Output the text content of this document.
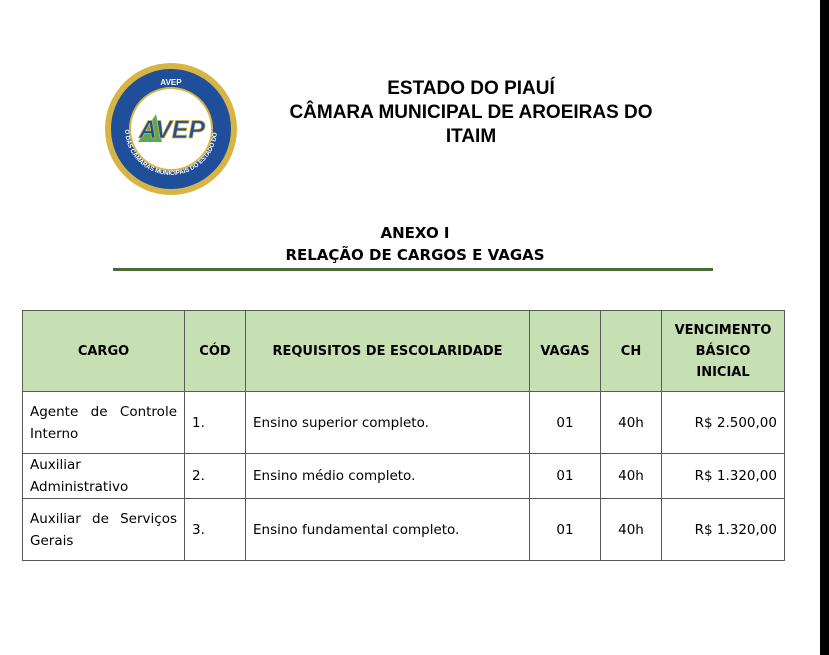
AVEP
O DAS CÂMARAS MUNICIPAIS DO ESTADO DO
AVEP
ESTADO DO PIAUÍ
CÂMARA MUNICIPAL DE AROEIRAS DO
ITAIM
ANEXO I
RELAÇÃO DE CARGOS E VAGAS
CARGO	CÓD	REQUISITOS DE ESCOLARIDADE	VAGAS	CH	VENCIMENTO
BÁSICO INICIAL

Agente de Controle Interno	1.	Ensino superior completo.	01	40h	R$ 2.500,00
Auxiliar Administrativo	2.	Ensino médio completo.	01	40h	R$ 1.320,00
Auxiliar de Serviços Gerais	3.	Ensino fundamental completo.	01	40h	R$ 1.320,00
